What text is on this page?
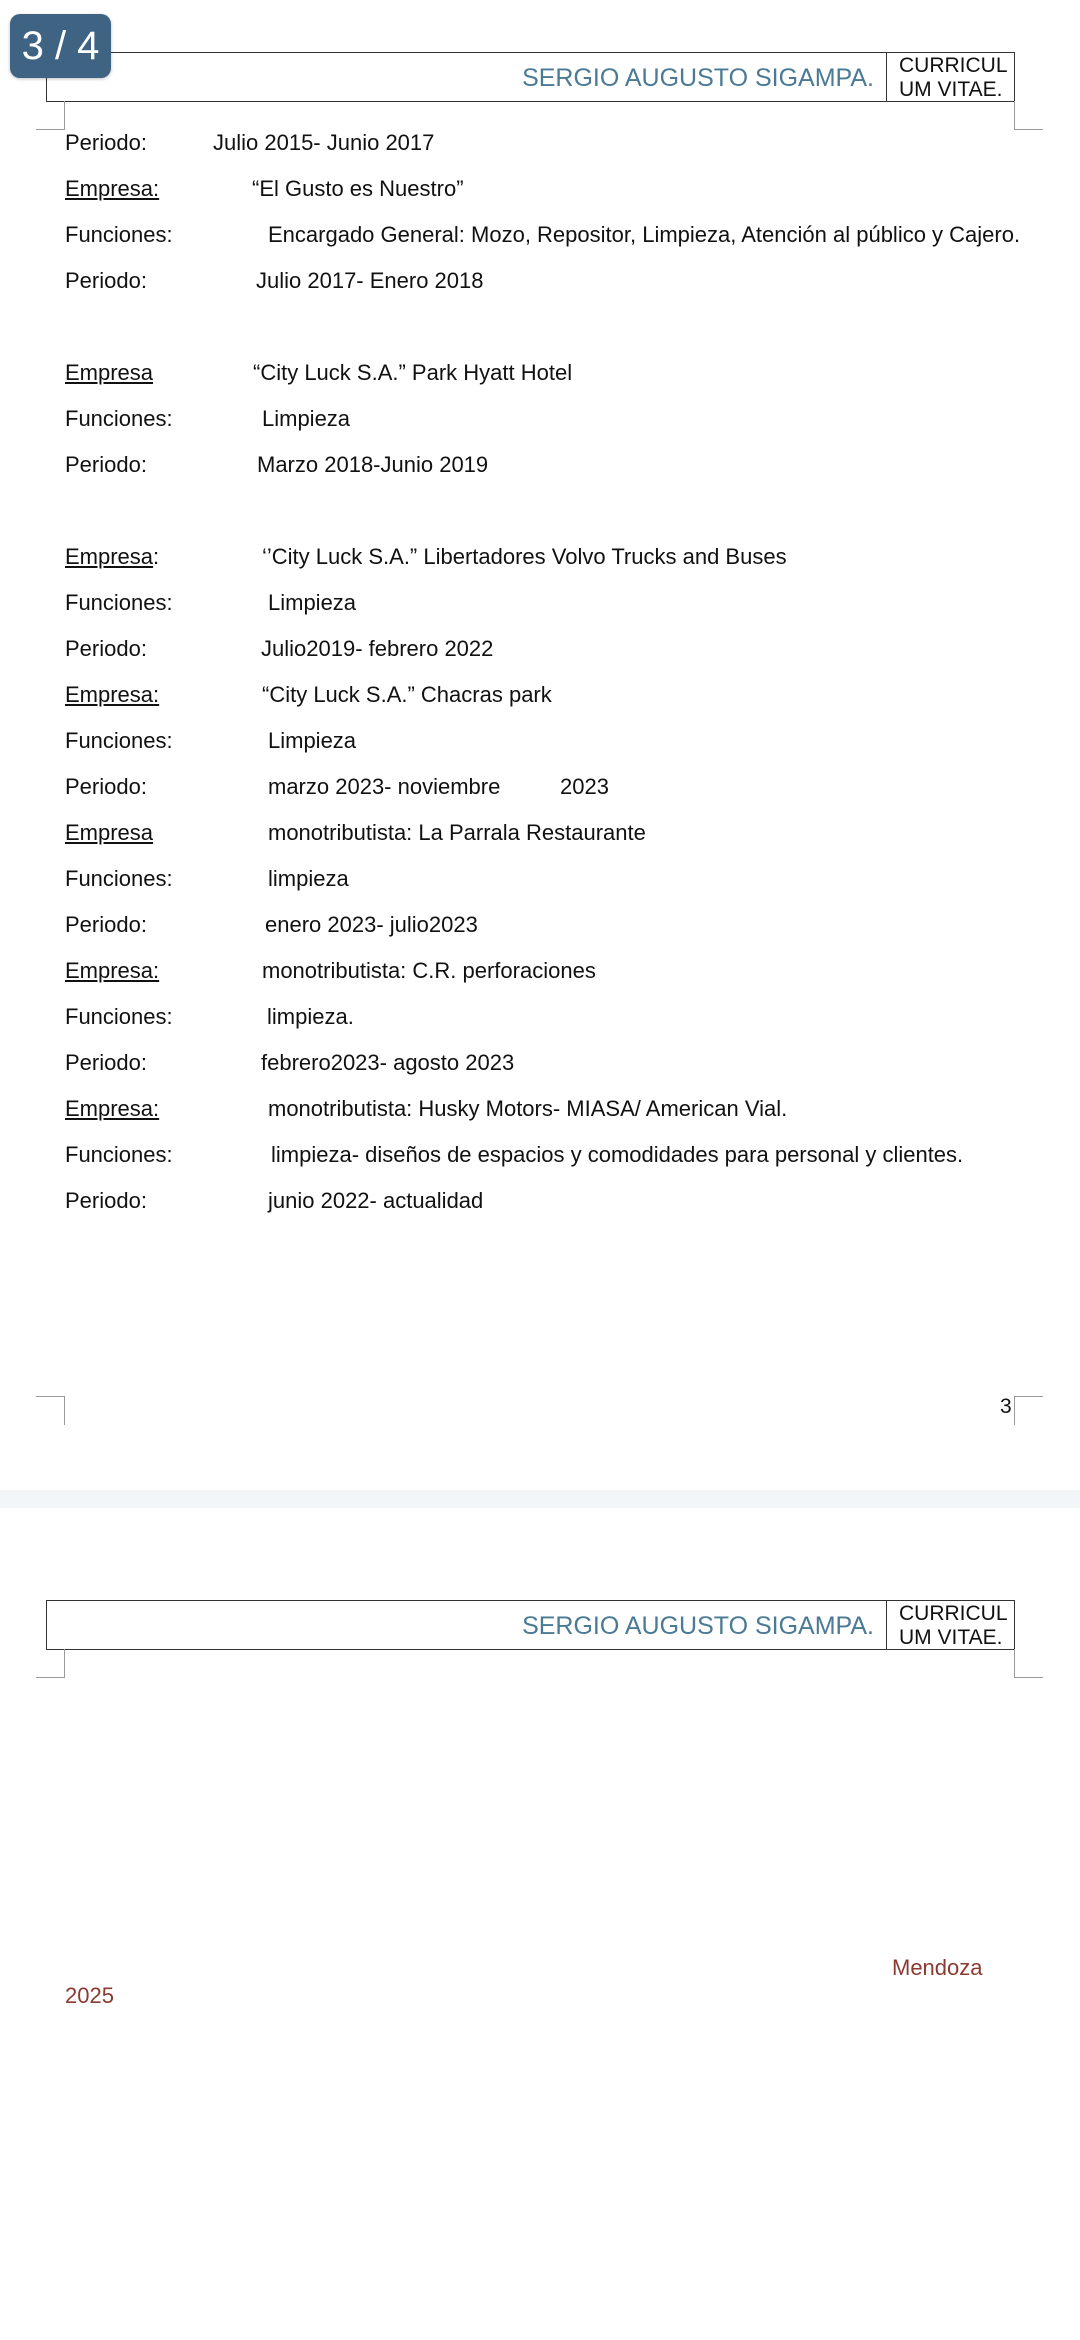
3 / 4
SERGIO AUGUSTO SIGAMPA.	CURRICUL
UM VITAE.
Periodo:	Julio 2015- Junio 2017
Empresa:	“El Gusto es Nuestro”
Funciones:	Encargado General: Mozo, Repositor, Limpieza, Atención al público y Cajero.
Periodo:	Julio 2017- Enero 2018
Empresa	“City Luck S.A.” Park Hyatt Hotel
Funciones:	Limpieza
Periodo:	Marzo 2018-Junio 2019
Empresa:	‘’City Luck S.A.” Libertadores Volvo Trucks and Buses
Funciones:	Limpieza
Periodo:	Julio2019- febrero 2022
Empresa:	“City Luck S.A.” Chacras park
Funciones:	Limpieza
Periodo:	marzo 2023- noviembre	2023
Empresa	monotributista: La Parrala Restaurante
Funciones:	limpieza
Periodo:	enero 2023- julio2023
Empresa:	monotributista: C.R. perforaciones
Funciones:	limpieza.
Periodo:	febrero2023- agosto 2023
Empresa:	monotributista: Husky Motors- MIASA/ American Vial.
Funciones:	limpieza- diseños de espacios y comodidades para personal y clientes.
Periodo:	junio 2022- actualidad
3
SERGIO AUGUSTO SIGAMPA.	CURRICUL
UM VITAE.
Mendoza
2025
